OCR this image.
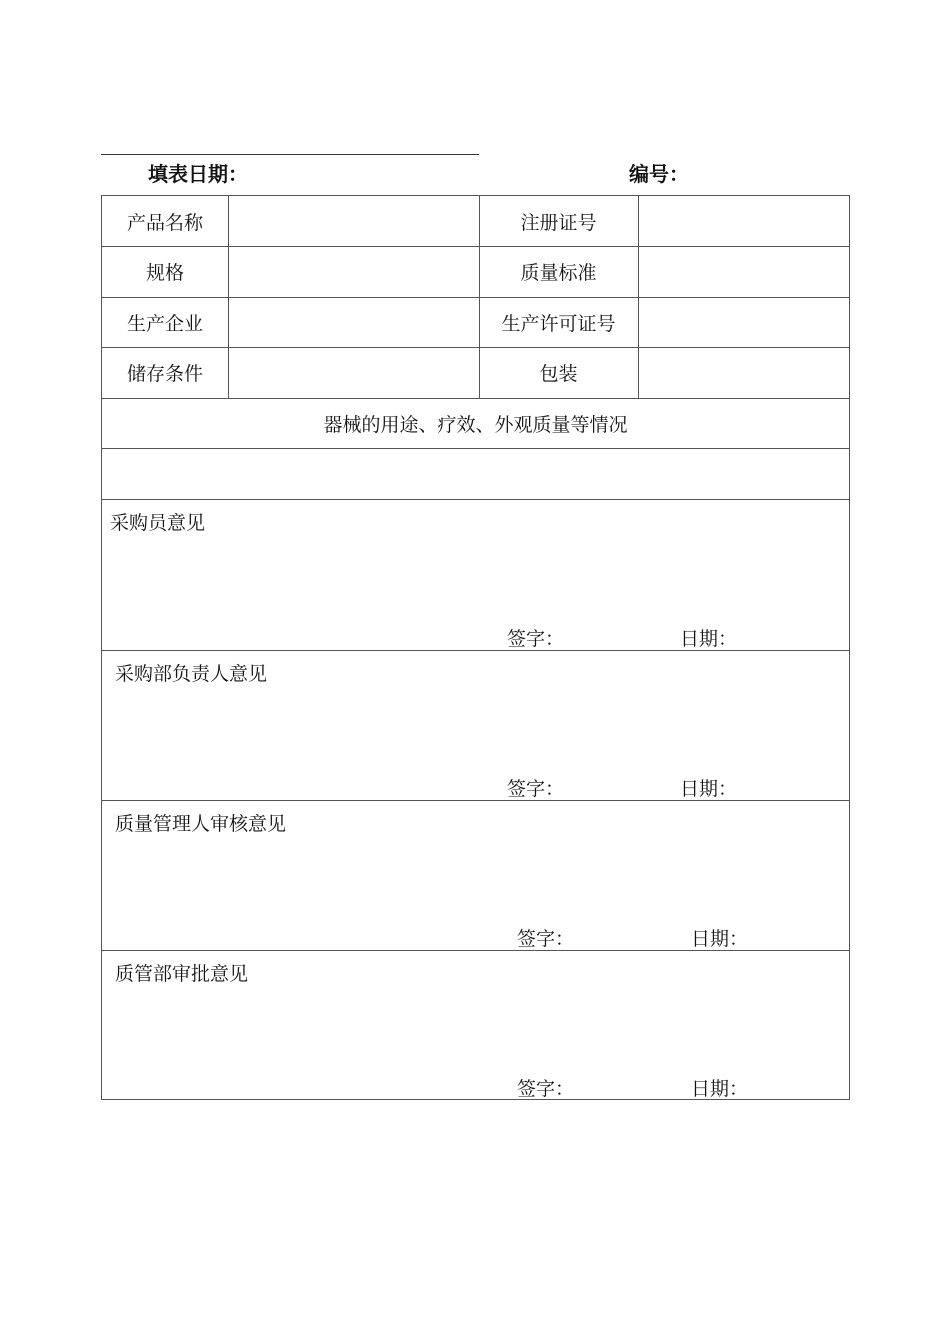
填表日期：	编号：
产品名称	注册证号
规格	质量标准
生产企业	生产许可证号
储存条件	包装
器械的用途、疗效、外观质量等情况
采购员意见
签字：	日期：
采购部负责人意见
签字：	日期：
质量管理人审核意见
签字：	日期：
质管部审批意见
签字：	日期：
